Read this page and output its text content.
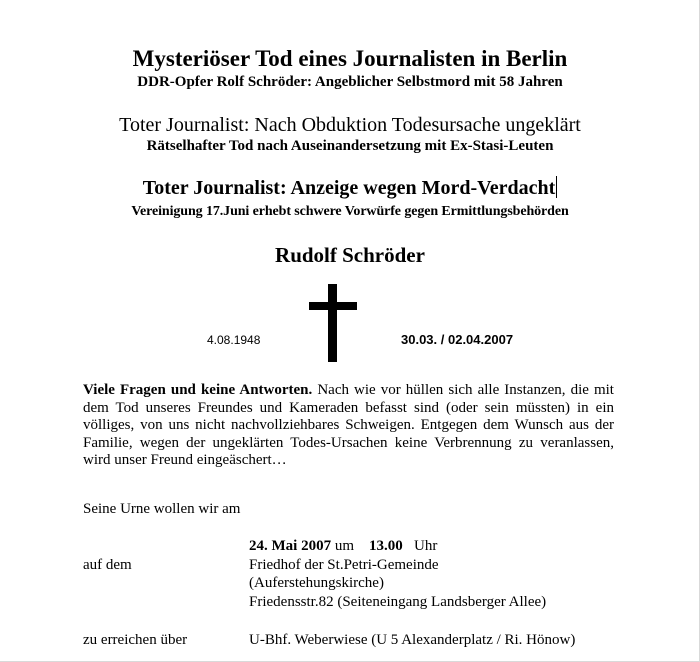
Mysteriöser Tod eines Journalisten in Berlin

DDR-Opfer Rolf Schröder: Angeblicher Selbstmord mit 58 Jahren

Toter Journalist: Nach Obduktion Todesursache ungeklärt

Rätselhafter Tod nach Auseinandersetzung mit Ex-Stasi-Leuten

Toter Journalist: Anzeige wegen Mord-Verdacht

Vereinigung 17.Juni erhebt schwere Vorwürfe gegen Ermittlungsbehörden

Rudolf Schröder

4.08.1948	30.03. / 02.04.2007

Viele Fragen und keine Antworten. Nach wie vor hüllen sich alle Instanzen, die mit dem Tod unseres Freundes und Kameraden befasst sind (oder sein müssten) in ein völliges, von uns nicht nachvollziehbares Schweigen. Entgegen dem Wunsch aus der Familie, wegen der ungeklärten Todes-Ursachen keine Verbrennung zu veranlassen, wird unser Freund eingeäschert…

Seine Urne wollen wir am

24. Mai 2007 um 13.00 Uhr

auf dem	Friedhof der St.Petri-Gemeinde

(Auferstehungskirche)

Friedensstr.82 (Seiteneingang Landsberger Allee)

zu erreichen über	U-Bhf. Weberwiese (U 5 Alexanderplatz / Ri. Hönow)
